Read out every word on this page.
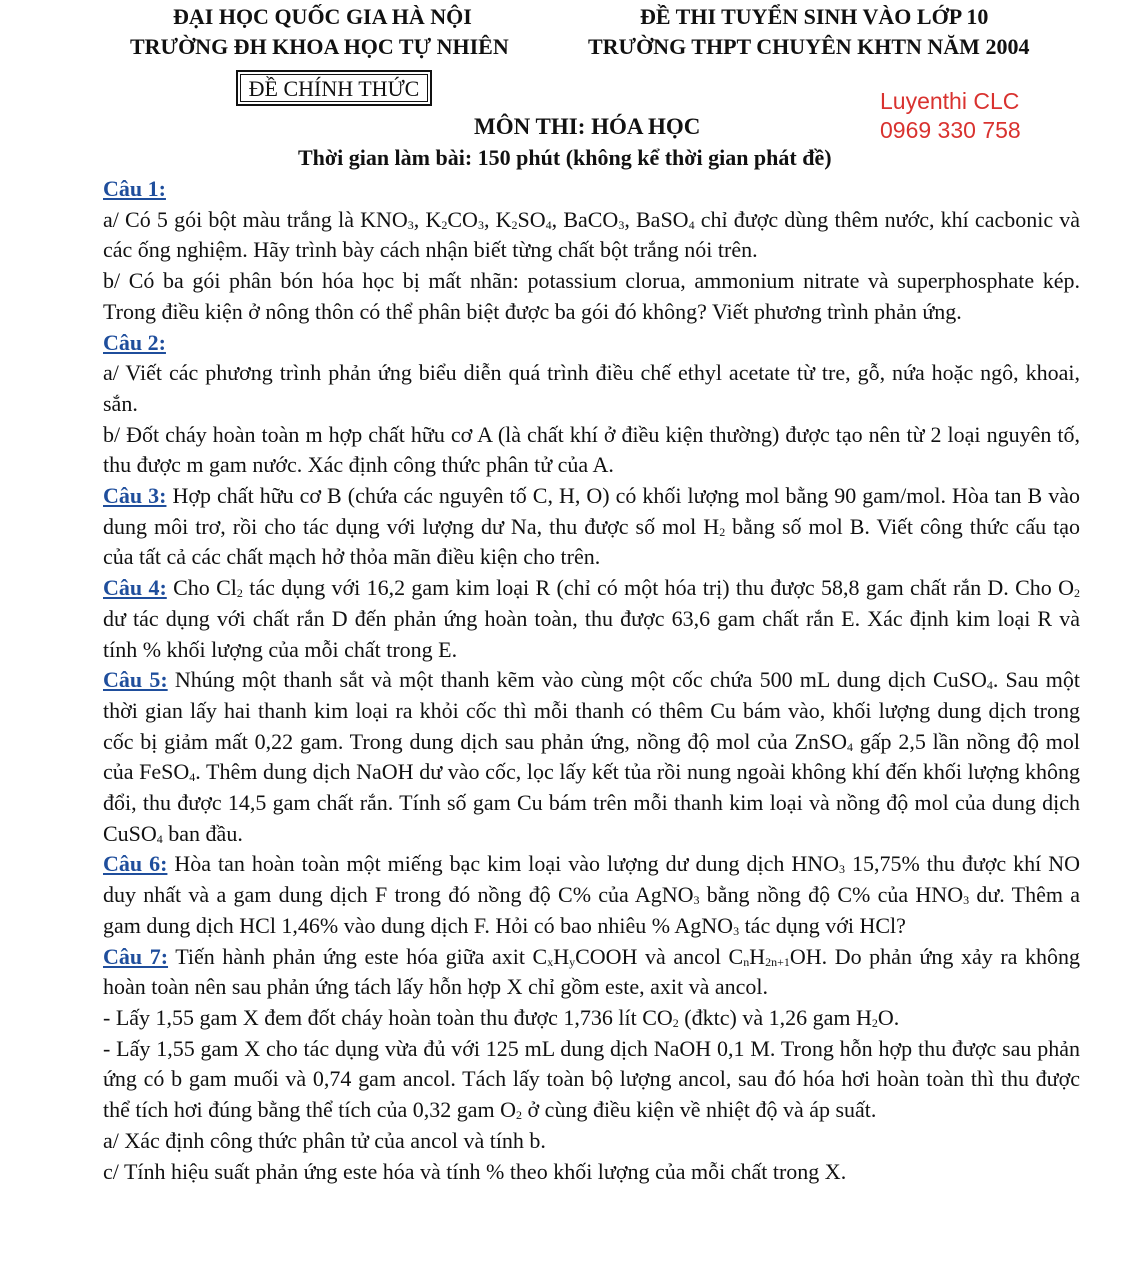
ĐẠI HỌC QUỐC GIA HÀ NỘI
TRƯỜNG ĐH KHOA HỌC TỰ NHIÊN
ĐỀ THI TUYỂN SINH VÀO LỚP 10
TRƯỜNG THPT CHUYÊN KHTN NĂM 2004
ĐỀ CHÍNH THỨC	Luyenthi CLC
0969 330 758
MÔN THI: HÓA HỌC
Thời gian làm bài: 150 phút (không kể thời gian phát đề)

Câu 1:

a/ Có 5 gói bột màu trắng là $KNO_3$, $K_2CO_3$, $K_2SO_4$, BaCO$_3$, BaSO$_4$ chỉ được dùng thêm nước, khí cacbonic và các ống nghiệm. Hãy trình bày cách nhận biết từng chất bột trắng nói trên.

b/ Có ba gói phân bón hóa học bị mất nhãn: potassium clorua, ammonium nitrate và superphosphate kép. Trong điều kiện ở nông thôn có thể phân biệt được ba gói đó không? Viết phương trình phản ứng.

Câu 2:

a/ Viết các phương trình phản ứng biểu diễn quá trình điều chế ethyl acetate từ tre, gỗ, nứa hoặc ngô, khoai, sắn.

b/ Đốt cháy hoàn toàn m hợp chất hữu cơ A (là chất khí ở điều kiện thường) được tạo nên từ 2 loại nguyên tố, thu được m gam nước. Xác định công thức phân tử của A.

Câu 3: Hợp chất hữu cơ B (chứa các nguyên tố C, H, O) có khối lượng mol bằng 90 gam/mol. Hòa tan B vào dung môi trơ, rồi cho tác dụng với lượng dư Na, thu được số mol $H_2$ bằng số mol B. Viết công thức cấu tạo của tất cả các chất mạch hở thỏa mãn điều kiện cho trên.

Câu 4: Cho $Cl_2$ tác dụng với 16,2 gam kim loại R (chỉ có một hóa trị) thu được 58,8 gam chất rắn D. Cho $O_2$ dư tác dụng với chất rắn D đến phản ứng hoàn toàn, thu được 63,6 gam chất rắn E. Xác định kim loại R và tính % khối lượng của mỗi chất trong E.

Câu 5: Nhúng một thanh sắt và một thanh kẽm vào cùng một cốc chứa 500 mL dung dịch CuSO$_4$. Sau một thời gian lấy hai thanh kim loại ra khỏi cốc thì mỗi thanh có thêm Cu bám vào, khối lượng dung dịch trong cốc bị giảm mất 0,22 gam. Trong dung dịch sau phản ứng, nồng độ mol của ZnSO$_4$ gấp 2,5 lần nồng độ mol của FeSO$_4$. Thêm dung dịch NaOH dư vào cốc, lọc lấy kết tủa rồi nung ngoài không khí đến khối lượng không đổi, thu được 14,5 gam chất rắn. Tính số gam Cu bám trên mỗi thanh kim loại và nồng độ mol của dung dịch CuSO$_4$ ban đầu.

Câu 6: Hòa tan hoàn toàn một miếng bạc kim loại vào lượng dư dung dịch $HNO_3$ 15,75% thu được khí NO duy nhất và a gam dung dịch F trong đó nồng độ C% của AgNO$_3$ bằng nồng độ C% của $HNO_3$ dư. Thêm a gam dung dịch HCl 1,46% vào dung dịch F. Hỏi có bao nhiêu % AgNO$_3$ tác dụng với HCl?

Câu 7: Tiến hành phản ứng este hóa giữa axit $C_xH_yCOOH$ và ancol $C_nH_{2n+1}OH$. Do phản ứng xảy ra không hoàn toàn nên sau phản ứng tách lấy hỗn hợp X chỉ gồm este, axit và ancol.

- Lấy 1,55 gam X đem đốt cháy hoàn toàn thu được 1,736 lít $CO_2$ (đktc) và 1,26 gam $H_2O$.

- Lấy 1,55 gam X cho tác dụng vừa đủ với 125 mL dung dịch NaOH 0,1 M. Trong hỗn hợp thu được sau phản ứng có b gam muối và 0,74 gam ancol. Tách lấy toàn bộ lượng ancol, sau đó hóa hơi hoàn toàn thì thu được thể tích hơi đúng bằng thể tích của 0,32 gam $O_2$ ở cùng điều kiện về nhiệt độ và áp suất.

a/ Xác định công thức phân tử của ancol và tính b.

c/ Tính hiệu suất phản ứng este hóa và tính % theo khối lượng của mỗi chất trong X.
